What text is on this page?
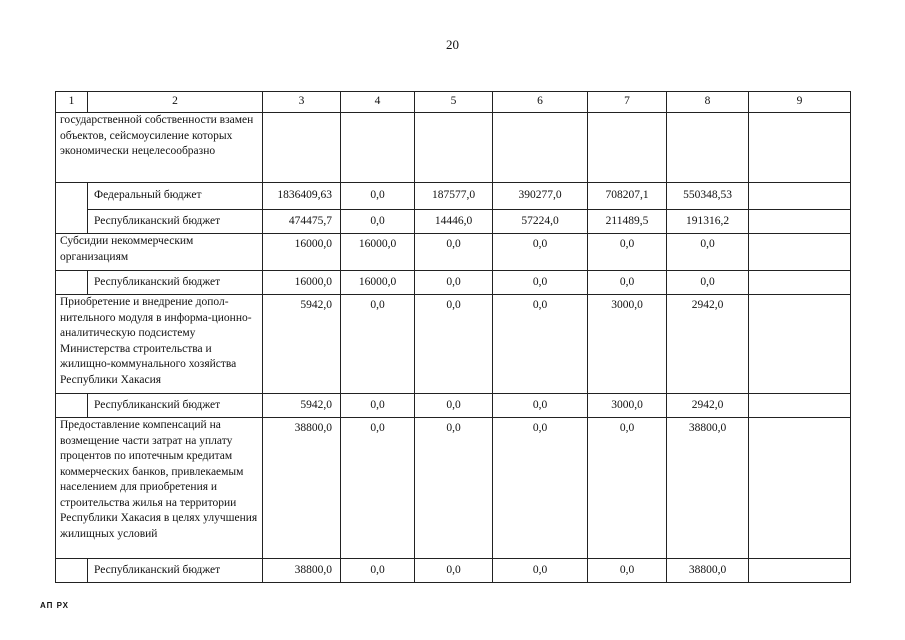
20
1	2	3	4	5	6	7	8	9
государственной собственности взамен объектов, сейсмоусиление которых экономически нецелесообразно								
	Федеральный бюджет	1836409,63	0,0	187577,0	390277,0	708207,1	550348,53	
	Республиканский бюджет	474475,7	0,0	14446,0	57224,0	211489,5	191316,2	
Субсидии некоммерческим организациям		16000,0	16000,0	0,0	0,0	0,0	0,0	
	Республиканский бюджет	16000,0	16000,0	0,0	0,0	0,0	0,0	
Приобретение и внедрение допол-нительного модуля в информа-ционно-аналитическую подсистему Министерства строительства и жилищно-коммунального хозяйства Республики Хакасия		5942,0	0,0	0,0	0,0	3000,0	2942,0	
	Республиканский бюджет	5942,0	0,0	0,0	0,0	3000,0	2942,0	
Предоставление компенсаций на возмещение части затрат на уплату процентов по ипотечным кредитам коммерческих банков, привлекаемым населением для приобретения и строительства жилья на территории Республики Хакасия в целях улучшения жилищных условий		38800,0	0,0	0,0	0,0	0,0	38800,0	
	Республиканский бюджет	38800,0	0,0	0,0	0,0	0,0	38800,0	
АП РХ
